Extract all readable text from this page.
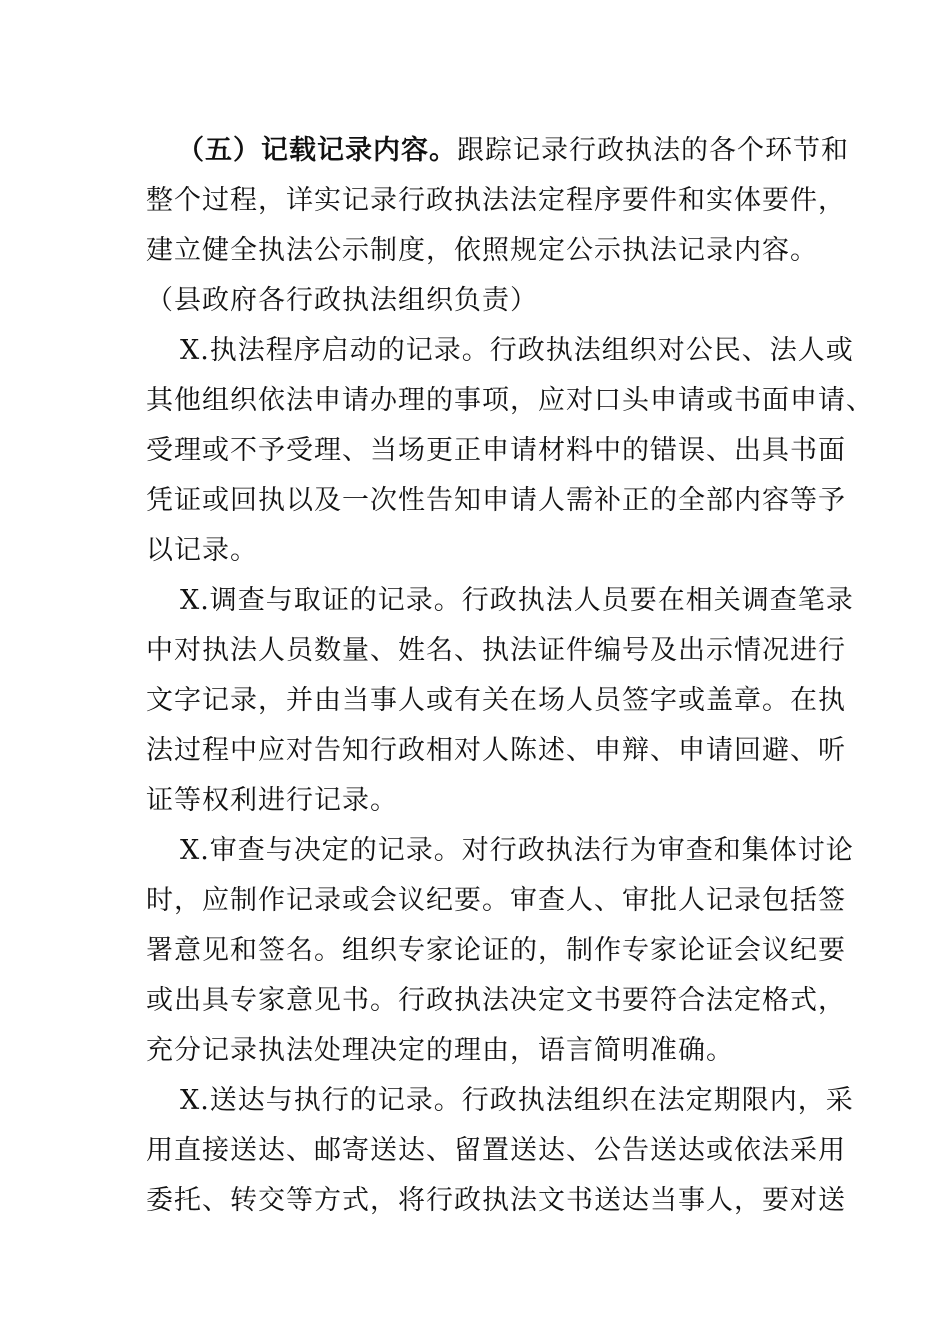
（五）记载记录内容。跟踪记录行政执法的各个环节和
整个过程，详实记录行政执法法定程序要件和实体要件，
建立健全执法公示制度，依照规定公示执法记录内容。
（县政府各行政执法组织负责）
X.执法程序启动的记录。行政执法组织对公民、法人或
其他组织依法申请办理的事项，应对口头申请或书面申请、
受理或不予受理、当场更正申请材料中的错误、出具书面
凭证或回执以及一次性告知申请人需补正的全部内容等予
以记录。
X.调查与取证的记录。行政执法人员要在相关调查笔录
中对执法人员数量、姓名、执法证件编号及出示情况进行
文字记录，并由当事人或有关在场人员签字或盖章。在执
法过程中应对告知行政相对人陈述、申辩、申请回避、听
证等权利进行记录。
X.审查与决定的记录。对行政执法行为审查和集体讨论
时，应制作记录或会议纪要。审查人、审批人记录包括签
署意见和签名。组织专家论证的，制作专家论证会议纪要
或出具专家意见书。行政执法决定文书要符合法定格式，
充分记录执法处理决定的理由，语言简明准确。
X.送达与执行的记录。行政执法组织在法定期限内，采
用直接送达、邮寄送达、留置送达、公告送达或依法采用
委托、转交等方式，将行政执法文书送达当事人，要对送
